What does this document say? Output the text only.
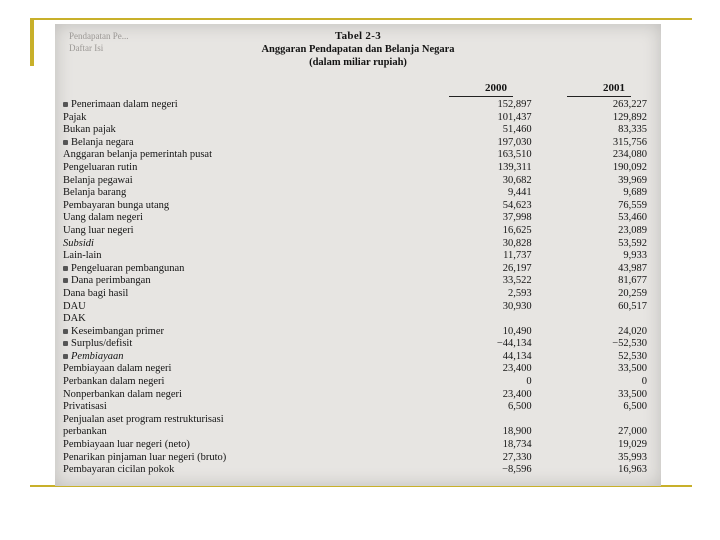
Pendapatan Pe...
Daftar Isi
Tabel 2-3
Anggaran Pendapatan dan Belanja Negara
(dalam miliar rupiah)
2000	2001
Penerimaan dalam negeri	152,897	263,227
Pajak	101,437	129,892
Bukan pajak	51,460	83,335
Belanja negara	197,030	315,756
Anggaran belanja pemerintah pusat	163,510	234,080
Pengeluaran rutin	139,311	190,092
Belanja pegawai	30,682	39,969
Belanja barang	9,441	9,689
Pembayaran bunga utang	54,623	76,559
Uang dalam negeri	37,998	53,460
Uang luar negeri	16,625	23,089
Subsidi	30,828	53,592
Lain-lain	11,737	9,933
Pengeluaran pembangunan	26,197	43,987
Dana perimbangan	33,522	81,677
Dana bagi hasil	2,593	20,259
DAU	30,930	60,517
DAK		
Keseimbangan primer	10,490	24,020
Surplus/defisit	−44,134	−52,530
Pembiayaan	44,134	52,530
Pembiayaan dalam negeri	23,400	33,500
Perbankan dalam negeri	0	0
Nonperbankan dalam negeri	23,400	33,500
Privatisasi	6,500	6,500
Penjualan aset program restrukturisasi		
perbankan	18,900	27,000
Pembiayaan luar negeri (neto)	18,734	19,029
Penarikan pinjaman luar negeri (bruto)	27,330	35,993
Pembayaran cicilan pokok	−8,596	16,963
